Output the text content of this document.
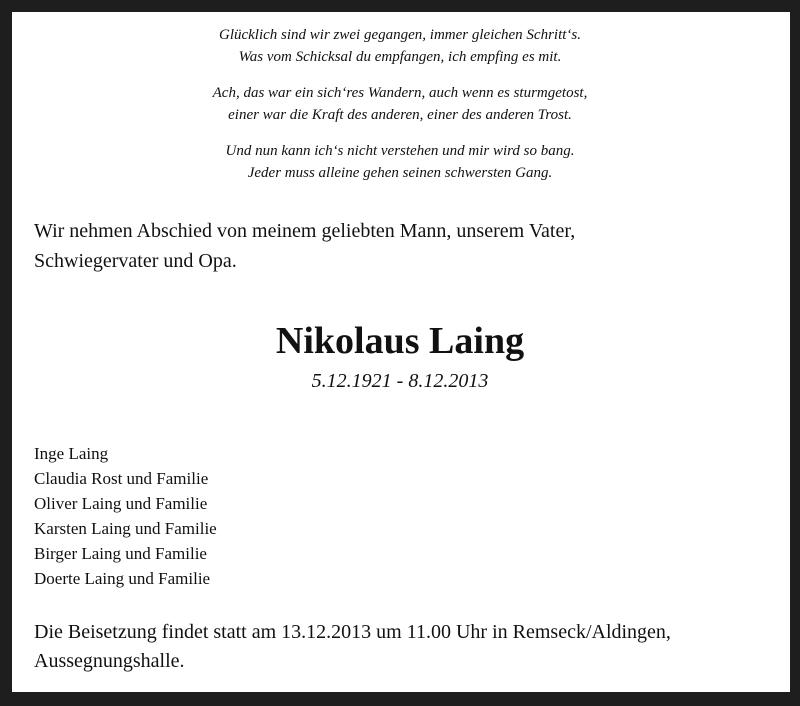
Glücklich sind wir zwei gegangen, immer gleichen Schritt‘s.
Was vom Schicksal du empfangen, ich empfing es mit.
Ach, das war ein sich‘res Wandern, auch wenn es sturmgetost,
einer war die Kraft des anderen, einer des anderen Trost.
Und nun kann ich‘s nicht verstehen und mir wird so bang.
Jeder muss alleine gehen seinen schwersten Gang.
Wir nehmen Abschied von meinem geliebten Mann, unserem Vater,
Schwiegervater und Opa.
Nikolaus Laing
5.12.1921 - 8.12.2013
Inge Laing
Claudia Rost und Familie
Oliver Laing und Familie
Karsten Laing und Familie
Birger Laing und Familie
Doerte Laing und Familie
Die Beisetzung findet statt am 13.12.2013 um 11.00 Uhr in Remseck/Aldingen,
Aussegnungshalle.
